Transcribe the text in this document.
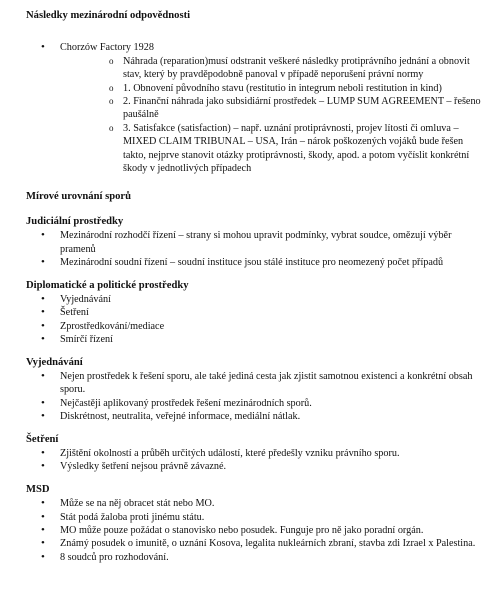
Následky mezinárodní odpovědnosti
• Chorzów Factory 1928
o Náhrada (reparation)musí odstranit veškeré následky protiprávního jednání a obnovit stav, který by pravděpodobně panoval v případě neporušení právní normy
o 1. Obnovení původního stavu (restitutio in integrum neboli restitution in kind)
o 2. Finanční náhrada jako subsidiární prostředek – LUMP SUM AGREEMENT – řešeno paušálně
o 3. Satisfakce (satisfaction) – např. uznání protiprávnosti, projev lítosti či omluva – MIXED CLAIM TRIBUNAL – USA, Irán – nárok poškozených vojáků bude řešen takto, nejprve stanovit otázky protiprávnosti, škody, apod. a potom vyčíslit konkrétní škody v jednotlivých případech
Mírové urovnání sporů
Judiciální prostředky
• Mezinárodní rozhodčí řízení – strany si mohou upravit podmínky, vybrat soudce, omězují výběr pramenů
• Mezinárodní soudní řízení – soudní instituce jsou stálé instituce pro neomezený počet případů
Diplomatické a politické prostředky
• Vyjednávání
• Šetření
• Zprostředkování/mediace
• Smírčí řízení
Vyjednávání
• Nejen prostředek k řešení sporu, ale také jediná cesta jak zjistit samotnou existenci a konkrétní obsah sporu.
• Nejčastěji aplikovaný prostředek řešení mezinárodních sporů.
• Diskrétnost, neutralita, veřejné informace, mediální nátlak.
Šetření
• Zjištění okolností a průběh určitých událostí, které předešly vzniku právního sporu.
• Výsledky šetření nejsou právně závazné.
MSD
• Může se na něj obracet stát nebo MO.
• Stát podá žaloba proti jinému státu.
• MO může pouze požádat o stanovisko nebo posudek. Funguje pro ně jako poradní orgán.
• Známý posudek o imunitě, o uznání Kosova, legalita nukleárních zbraní, stavba zdi Izrael x Palestina.
• 8 soudců pro rozhodování.
